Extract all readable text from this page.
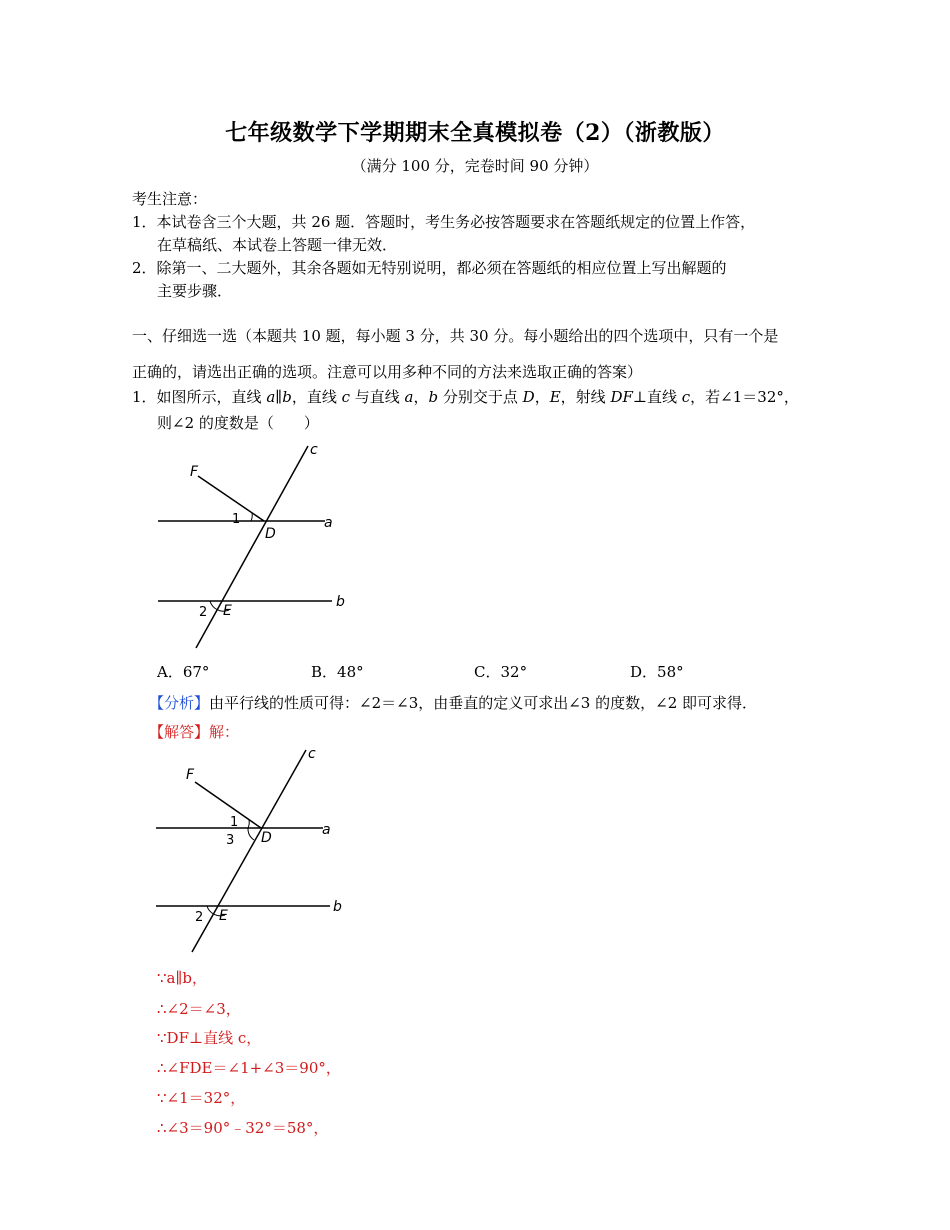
七年级数学下学期期末全真模拟卷（2）（浙教版）
（满分 100 分，完卷时间 90 分钟）
考生注意：
1．本试卷含三个大题，共 26 题．答题时，考生务必按答题要求在答题纸规定的位置上作答，
在草稿纸、本试卷上答题一律无效．
2．除第一、二大题外，其余各题如无特别说明，都必须在答题纸的相应位置上写出解题的
主要步骤．
一、仔细选一选（本题共 10 题，每小题 3 分，共 30 分。每小题给出的四个选项中，只有一个是
正确的，请选出正确的选项。注意可以用多种不同的方法来选取正确的答案）
1．如图所示，直线 a∥b，直线 c 与直线 a，b 分别交于点 D，E，射线 DF⊥直线 c，若∠1＝32°，
则∠2 的度数是（　　）
F
c
1
D
a
2 E
b
A．67°	B．48°	C．32°	D．58°
【分析】由平行线的性质可得：∠2＝∠3，由垂直的定义可求出∠3 的度数，∠2 即可求得．
【解答】解：
F
c
1
3 D	a
2 E
b
∵a∥b，
∴∠2＝∠3，
∵DF⊥直线 c，
∴∠FDE＝∠1+∠3＝90°，
∵∠1＝32°，
∴∠3＝90°﹣32°＝58°，
